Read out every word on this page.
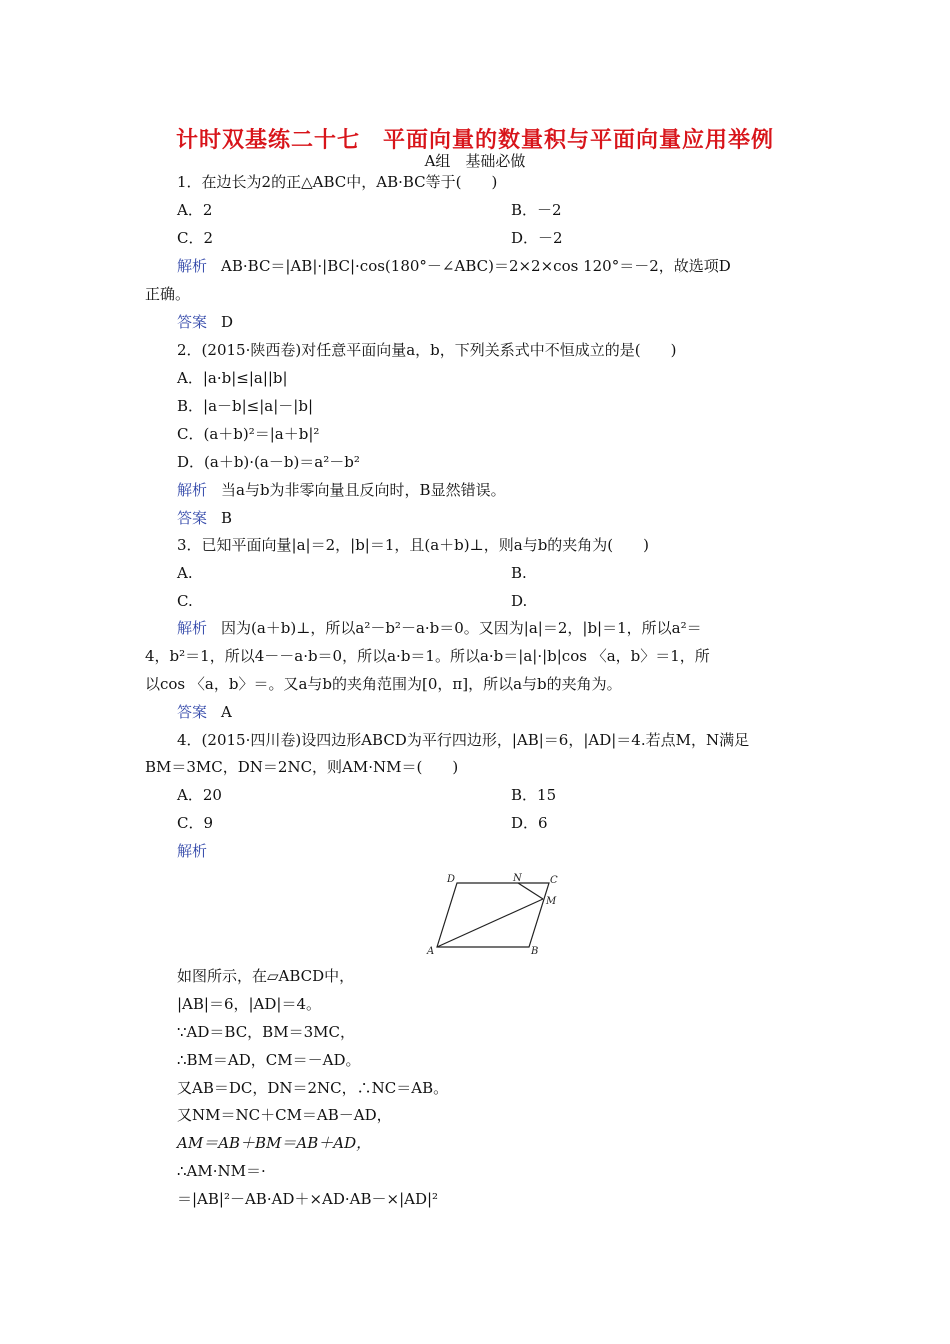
计时双基练二十七　平面向量的数量积与平面向量应用举例
A组　基础必做
1．在边长为2的正△ABC中，AB·BC等于(　　)
A．2	B．－2
C．2	D．－2
解析 AB·BC＝|AB|·|BC|·cos(180°－∠ABC)＝2×2×cos 120°＝－2，故选项D
正确。
答案 D
2．(2015·陕西卷)对任意平面向量a，b，下列关系式中不恒成立的是(　　)
A．|a·b|≤|a||b|
B．|a－b|≤|a|－|b|
C．(a＋b)²＝|a＋b|²
D．(a＋b)·(a－b)＝a²－b²
解析 当a与b为非零向量且反向时，B显然错误。
答案 B
3．已知平面向量|a|＝2，|b|＝1，且(a＋b)⊥，则a与b的夹角为(　　)
A.	B.
C.	D.
解析 因为(a＋b)⊥，所以a²－b²－a·b＝0。又因为|a|＝2，|b|＝1，所以a²＝
4，b²＝1，所以4－－a·b＝0，所以a·b＝1。所以a·b＝|a|·|b|cos 〈a，b〉＝1，所
以cos 〈a，b〉＝。又a与b的夹角范围为[0，π]，所以a与b的夹角为。
答案 A
4．(2015·四川卷)设四边形ABCD为平行四边形，|AB|＝6，|AD|＝4.若点M，N满足
BM＝3MC，DN＝2NC，则AM·NM＝(　　)
A．20	B．15
C．9	D．6
解析
A	B
C
D
M
N
如图所示，在▱ABCD中，
|AB|＝6，|AD|＝4。
∵AD＝BC，BM＝3MC，
∴BM＝AD，CM＝－AD。
又AB＝DC，DN＝2NC，∴NC＝AB。
又NM＝NC＋CM＝AB－AD，
AM＝AB＋BM＝AB＋AD，
∴AM·NM＝·
＝|AB|²－AB·AD＋×AD·AB－×|AD|²
